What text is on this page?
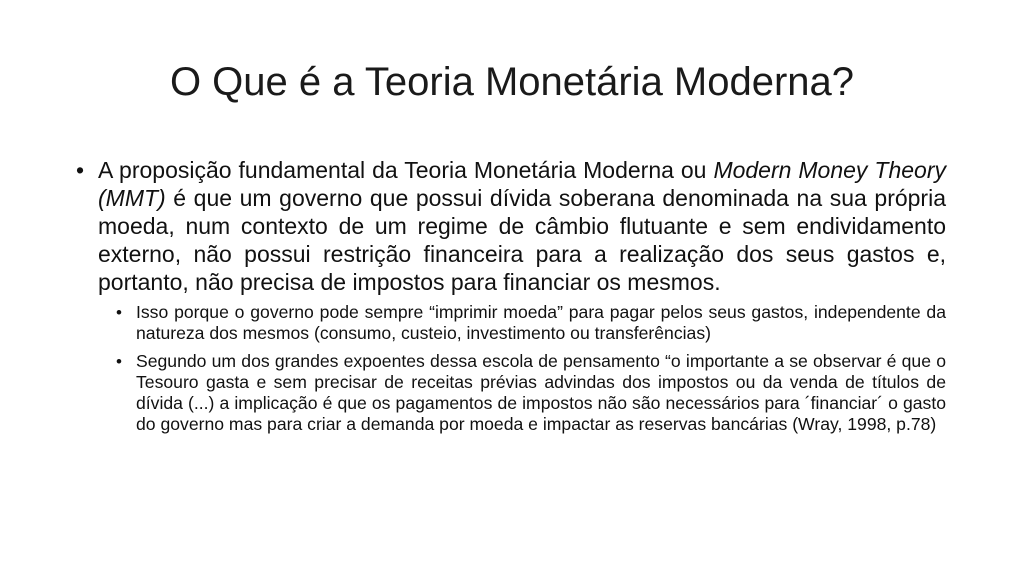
O Que é a Teoria Monetária Moderna?

• A proposição fundamental da Teoria Monetária Moderna ou Modern Money Theory (MMT) é que um governo que possui dívida soberana denominada na sua própria moeda, num contexto de um regime de câmbio flutuante e sem endividamento externo, não possui restrição financeira para a realização dos seus gastos e, portanto, não precisa de impostos para financiar os mesmos.

• Isso porque o governo pode sempre “imprimir moeda” para pagar pelos seus gastos, independente da natureza dos mesmos (consumo, custeio, investimento ou transferências)
• Segundo um dos grandes expoentes dessa escola de pensamento “o importante a se observar é que o Tesouro gasta e sem precisar de receitas prévias advindas dos impostos ou da venda de títulos de dívida (...) a implicação é que os pagamentos de impostos não são necessários para ´financiar´ o gasto do governo mas para criar a demanda por moeda e impactar as reservas bancárias (Wray, 1998, p.78)
